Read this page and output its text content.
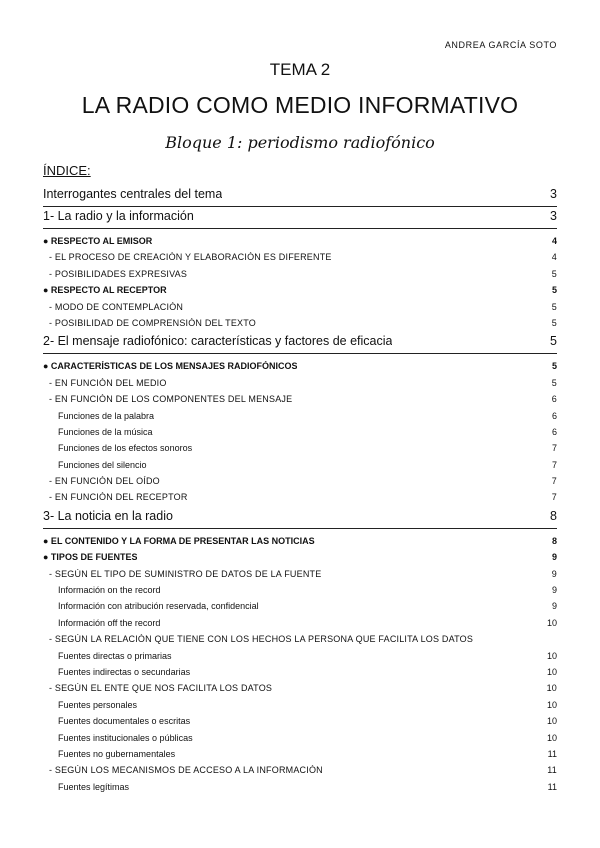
ANDREA GARCÍA SOTO
TEMA 2
LA RADIO COMO MEDIO INFORMATIVO
Bloque 1: periodismo radiofónico
ÍNDICE:
Interrogantes centrales del tema	3
1- La radio y la información	3
● RESPECTO AL EMISOR	4
- EL PROCESO DE CREACIÓN Y ELABORACIÓN ES DIFERENTE	4
- POSIBILIDADES EXPRESIVAS	5
● RESPECTO AL RECEPTOR	5
- MODO DE CONTEMPLACIÓN	5
- POSIBILIDAD DE COMPRENSIÓN DEL TEXTO	5
2- El mensaje radiofónico: características y factores de eficacia	5
● CARACTERÍSTICAS DE LOS MENSAJES RADIOFÓNICOS	5
- EN FUNCIÓN DEL MEDIO	5
- EN FUNCIÓN DE LOS COMPONENTES DEL MENSAJE	6
Funciones de la palabra	6
Funciones de la música	6
Funciones de los efectos sonoros	7
Funciones del silencio	7
- EN FUNCIÓN DEL OÍDO	7
- EN FUNCIÓN DEL RECEPTOR	7
3- La noticia en la radio	8
● EL CONTENIDO Y LA FORMA DE PRESENTAR LAS NOTICIAS	8
● TIPOS DE FUENTES	9
- SEGÚN EL TIPO DE SUMINISTRO DE DATOS DE LA FUENTE	9
Información on the record	9
Información con atribución reservada, confidencial	9
Información off the record	10
- SEGÚN LA RELACIÓN QUE TIENE CON LOS HECHOS LA PERSONA QUE FACILITA LOS DATOS
Fuentes directas o primarias	10
Fuentes indirectas o secundarias	10
- SEGÚN EL ENTE QUE NOS FACILITA LOS DATOS	10
Fuentes personales	10
Fuentes documentales o escritas	10
Fuentes institucionales o públicas	10
Fuentes no gubernamentales	11
- SEGÚN LOS MECANISMOS DE ACCESO A LA INFORMACIÓN	11
Fuentes legítimas	11
